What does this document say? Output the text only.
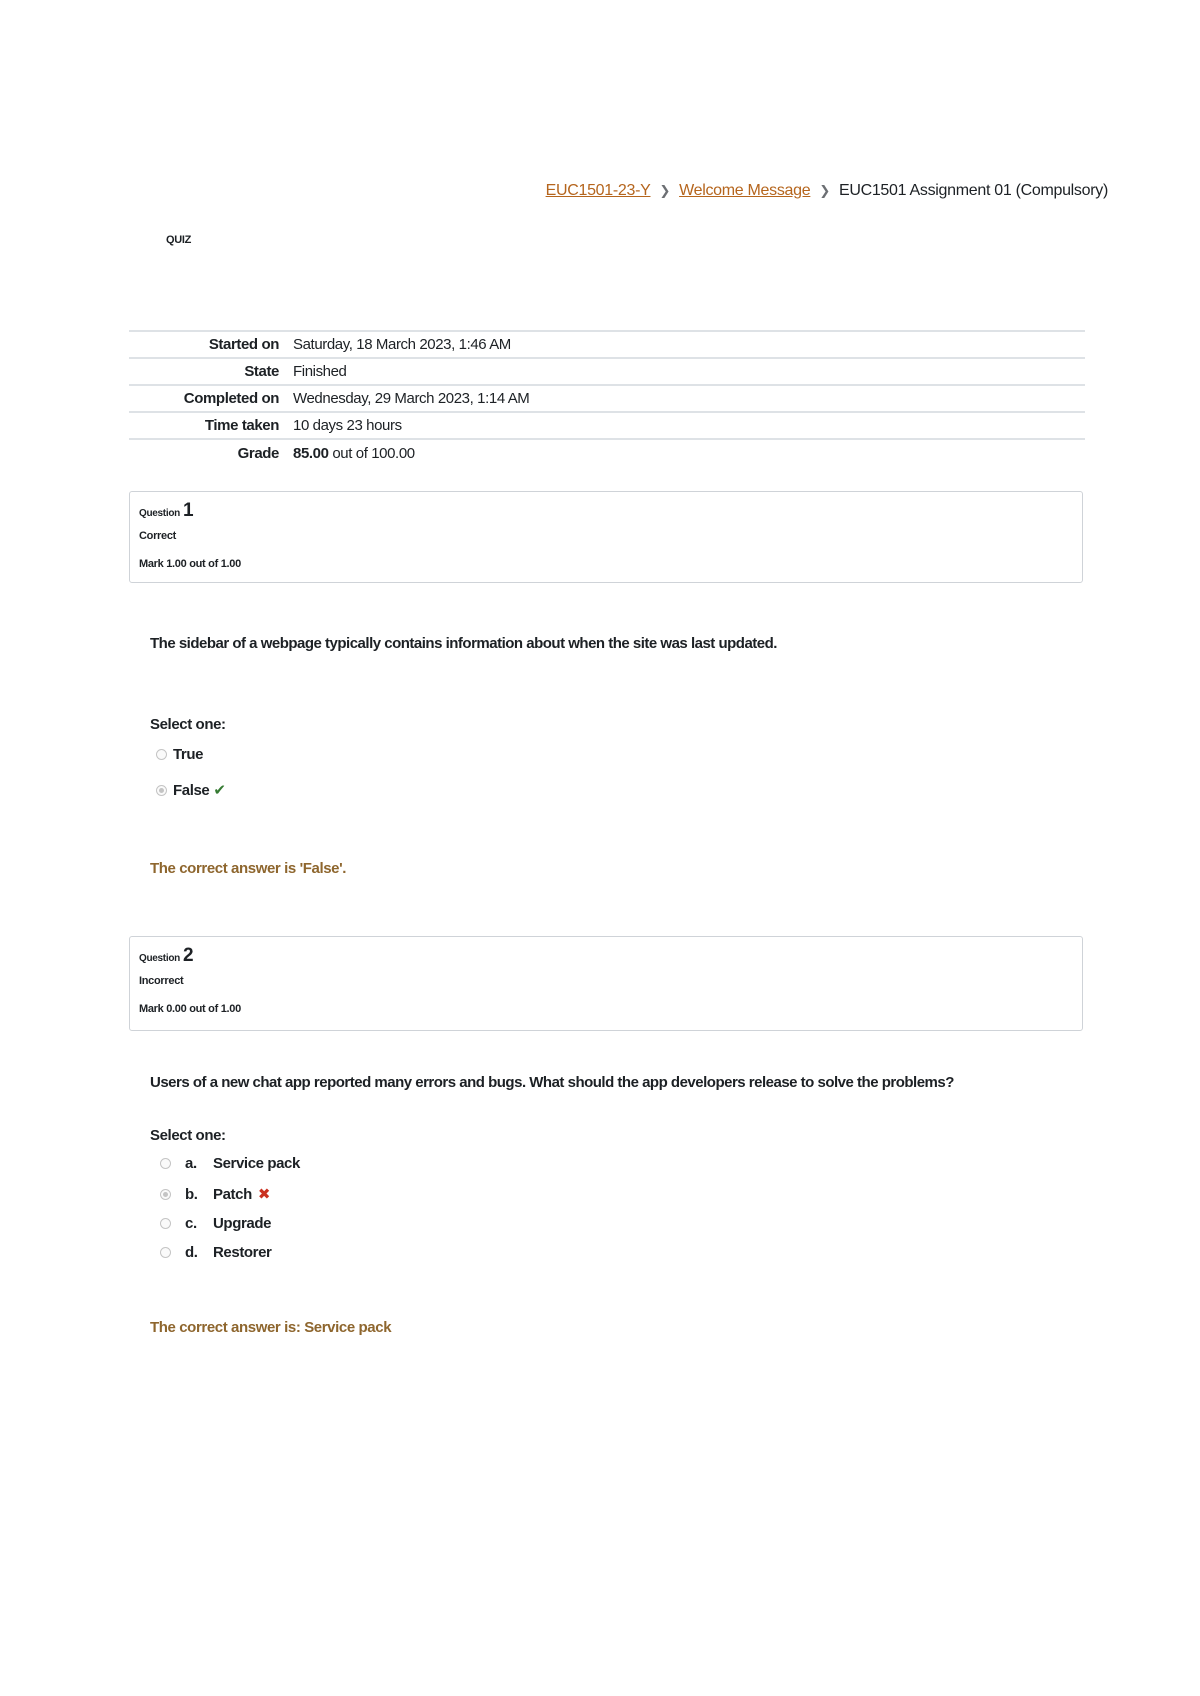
EUC1501-23-Y ❯ Welcome Message ❯ EUC1501 Assignment 01 (Compulsory)
QUIZ
Started on	Saturday, 18 March 2023, 1:46 AM
State	Finished
Completed on	Wednesday, 29 March 2023, 1:14 AM
Time taken	10 days 23 hours
Grade	85.00 out of 100.00
Question 1
Correct
Mark 1.00 out of 1.00
The sidebar of a webpage typically contains information about when the site was last updated.
Select one:
True
False ✔
The correct answer is 'False'.
Question 2
Incorrect
Mark 0.00 out of 1.00
Users of a new chat app reported many errors and bugs. What should the app developers release to solve the problems?
Select one:
a.	Service pack
b.	Patch ✖
c.	Upgrade
d.	Restorer
The correct answer is: Service pack
